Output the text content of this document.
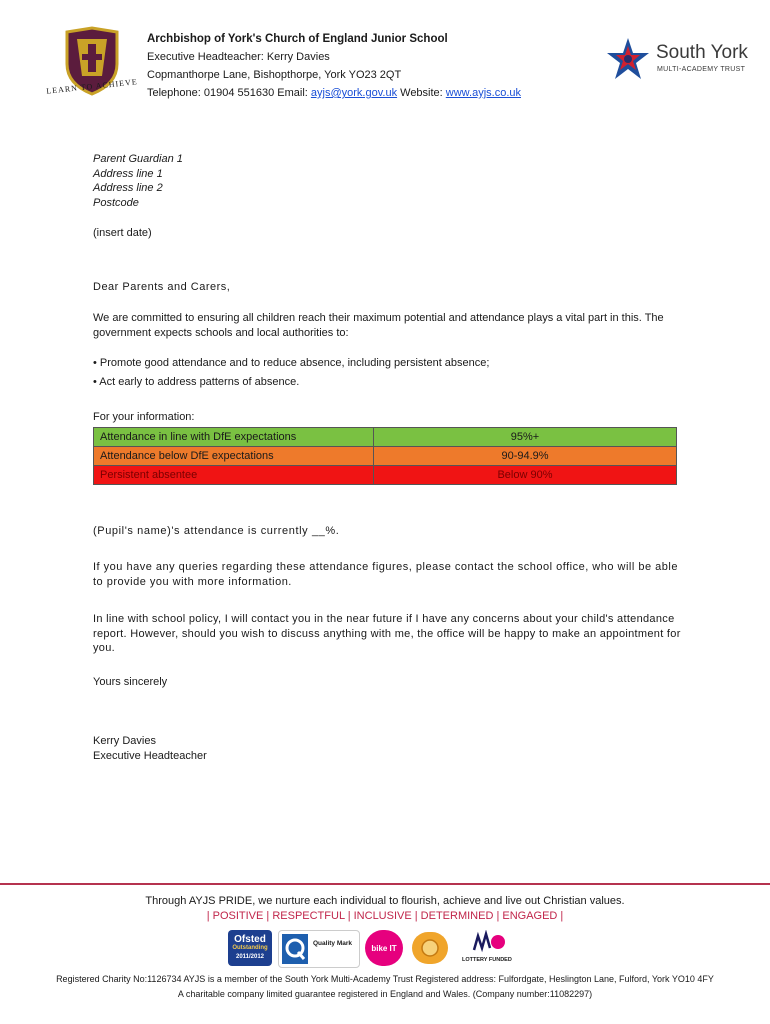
LEARN TO ACHIEVE
Archbishop of York's Church of England Junior School
Executive Headteacher: Kerry Davies
Copmanthorpe Lane, Bishopthorpe, York YO23 2QT
Telephone: 01904 551630 Email: ayjs@york.gov.uk Website: www.ayjs.co.uk
South York
MULTI-ACADEMY TRUST
Parent Guardian 1
Address line 1
Address line 2
Postcode
(insert date)
Dear Parents and Carers,
We are committed to ensuring all children reach their maximum potential and attendance plays a vital part in this. The government expects schools and local authorities to:
• Promote good attendance and to reduce absence, including persistent absence;
• Act early to address patterns of absence.
For your information:
Attendance in line with DfE expectations	95%+
Attendance below DfE expectations	90-94.9%
Persistent absentee	Below 90%
(Pupil's name)'s attendance is currently __%.
If you have any queries regarding these attendance figures, please contact the school office, who will be able to provide you with more information.
In line with school policy, I will contact you in the near future if I have any concerns about your child's attendance report. However, should you wish to discuss anything with me, the office will be happy to make an appointment for you.
Yours sincerely
Kerry Davies
Executive Headteacher
Through AYJS PRIDE, we nurture each individual to flourish, achieve and live out Christian values.
| POSITIVE | RESPECTFUL | INCLUSIVE | DETERMINED | ENGAGED |
Ofsted
Outstanding
2011/2012
Quality Mark bike IT
LOTTERY FUNDED
Registered Charity No:1126734 AYJS is a member of the South York Multi-Academy Trust Registered address: Fulfordgate, Heslington Lane, Fulford, York YO10 4FY
A charitable company limited guarantee registered in England and Wales. (Company number:11082297)
